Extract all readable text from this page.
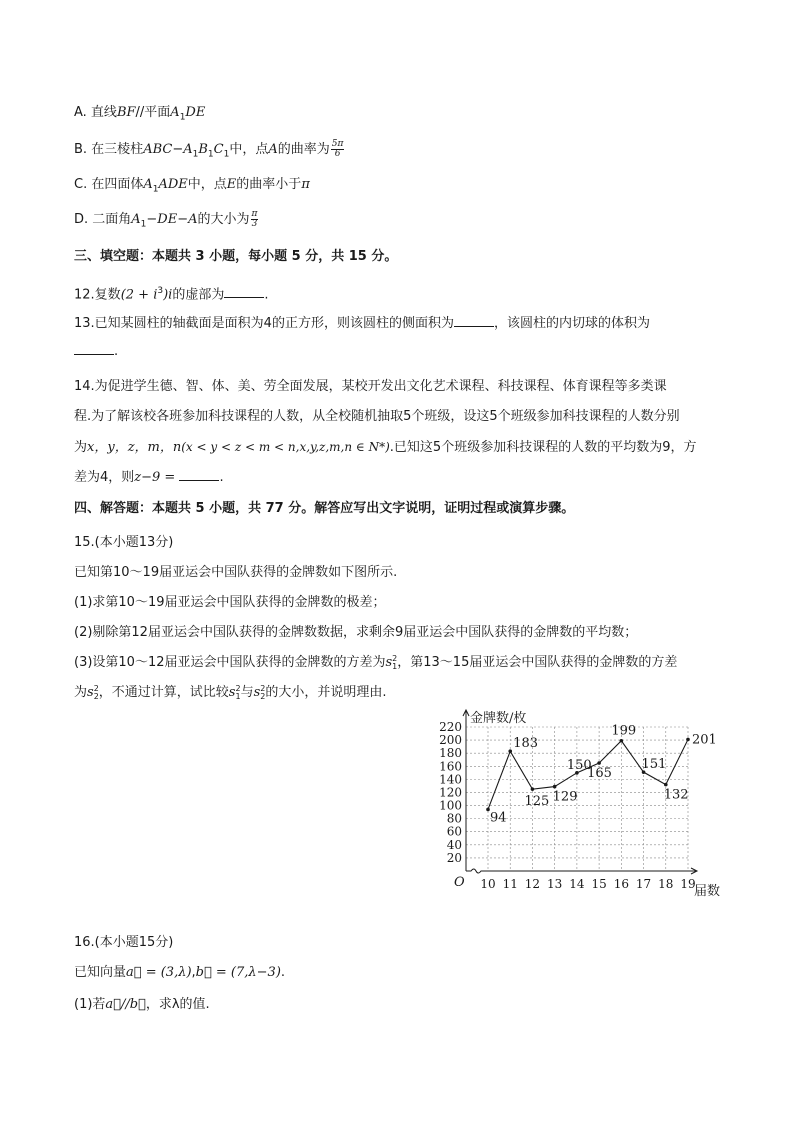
A. 直线BF//平面$A_1DE$
B. 在三棱柱$ABC-A_1B_1C_1$中，点A的曲率为 $\frac{5\pi}{6}$
C. 在四面体$A_1ADE$中，点E的曲率小于π
D. 二面角$A_1-DE-A$的大小为 $\frac{\pi}{3}$
三、填空题：本题共 3 小题，每小题 5 分，共 15 分。
12.复数$(2 + i^3)i$的虚部为	.
13.已知某圆柱的轴截面是面积为4的正方形，则该圆柱的侧面积为	，该圆柱的内切球的体积为
.
14.为促进学生德、智、体、美、劳全面发展，某校开发出文化艺术课程、科技课程、体育课程等多类课
程.为了解该校各班参加科技课程的人数，从全校随机抽取5个班级，设这5个班级参加科技课程的人数分别
为x，y，z，m，n(x < y < z < m < n,x,y,z,m,n ∈ N*).已知这5个班级参加科技课程的人数的平均数为9，方
差为4，则z−9 =	.
四、解答题：本题共 5 小题，共 77 分。解答应写出文字说明，证明过程或演算步骤。
15.(本小题13分)
已知第10～19届亚运会中国队获得的金牌数如下图所示.
(1)求第10～19届亚运会中国队获得的金牌数的极差；
(2)剔除第12届亚运会中国队获得的金牌数数据，求剩余9届亚运会中国队获得的金牌数的平均数；
(3)设第10～12届亚运会中国队获得的金牌数的方差为s 2
1 ，第13～15届亚运会中国队获得的金牌数的方差
为s 2
2 ，不通过计算，试比较s 2
1 与s 2
2 的大小，并说明理由.
金牌数/枚
届数
O
20
40
60
80
100
120
140
160
180
200
220
10 11 12 13 14 15 16 17 18 19
94
183
125 129
150
165
199
151
132
201
16.(本小题15分)
已知向量a⃗ = (3,λ),b⃗ = (7,λ−3).
(1)若a⃗//b⃗，求λ的值.
